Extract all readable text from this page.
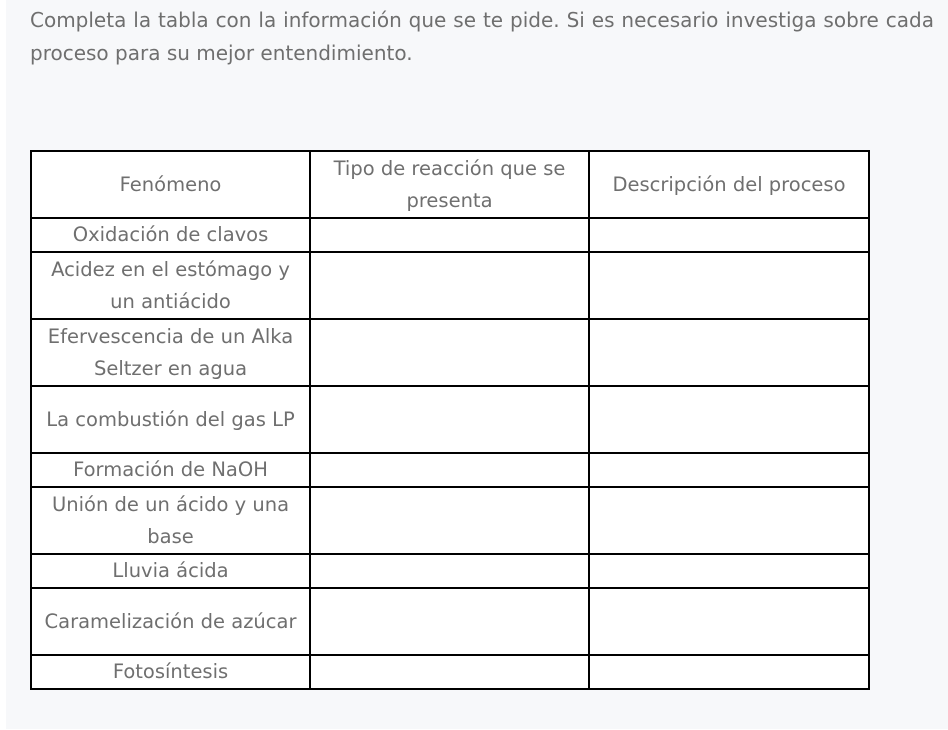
Completa la tabla con la información que se te pide. Si es necesario investiga sobre cada proceso para su mejor entendimiento.

Fenómeno	Tipo de reacción que se presenta	Descripción del proceso
Oxidación de clavos		
Acidez en el estómago y un antiácido		
Efervescencia de un Alka Seltzer en agua		
La combustión del gas LP		
Formación de NaOH		
Unión de un ácido y una base		
Lluvia ácida		
Caramelización de azúcar		
Fotosíntesis		
